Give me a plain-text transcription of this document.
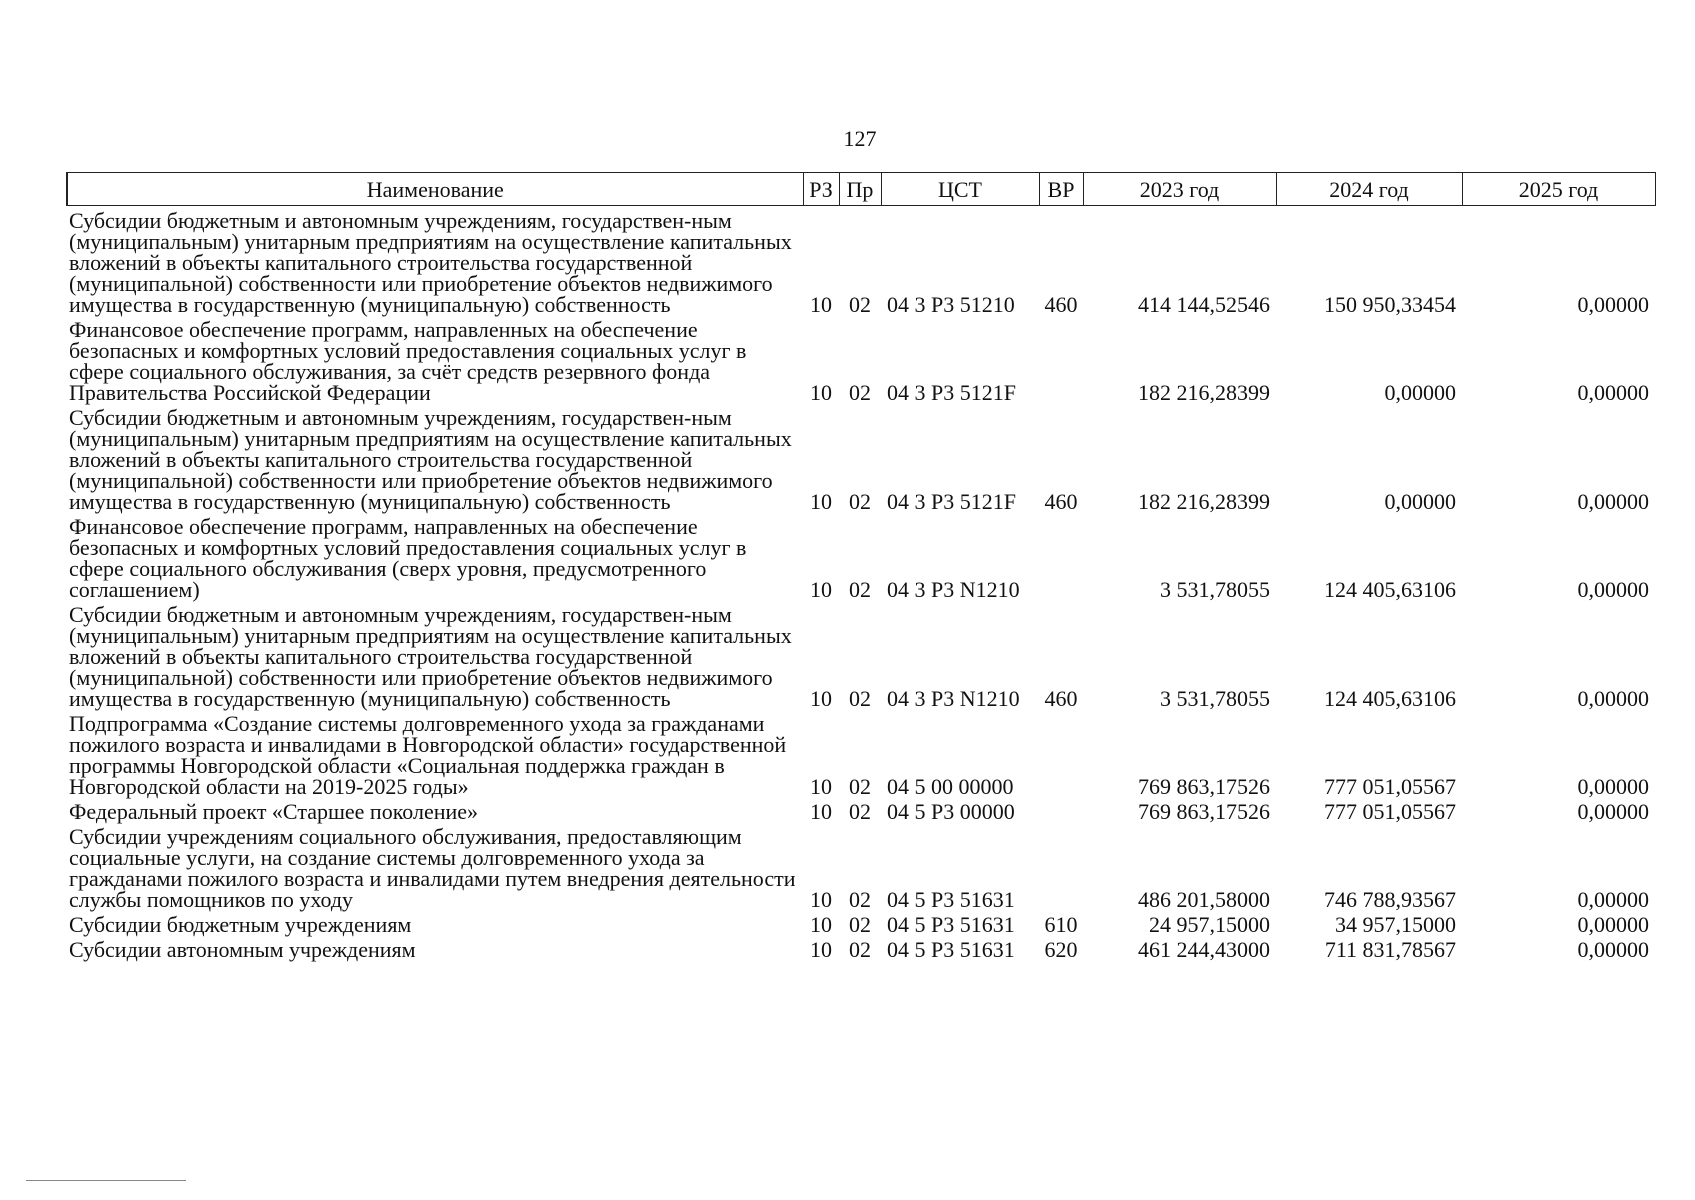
127
Наименование	РЗ	Пр	ЦСТ	ВР	2023 год	2024 год	2025 год
Субсидии бюджетным и автономным учреждениям, государствен-ным (муниципальным) унитарным предприятиям на осуществление капитальных вложений в объекты капитального строительства государственной (муниципальной) собственности или приобретение объектов недвижимого имущества в государственную (муниципальную) собственность	10	02	04 3 Р3 51210	460	414 144,52546	150 950,33454	0,00000
Финансовое обеспечение программ, направленных на обеспечение безопасных и комфортных условий предоставления социальных услуг в сфере социального обслуживания, за счёт средств резервного фонда Правительства Российской Федерации	10	02	04 3 Р3 5121F		182 216,28399	0,00000	0,00000
Субсидии бюджетным и автономным учреждениям, государствен-ным (муниципальным) унитарным предприятиям на осуществление капитальных вложений в объекты капитального строительства государственной (муниципальной) собственности или приобретение объектов недвижимого имущества в государственную (муниципальную) собственность	10	02	04 3 Р3 5121F	460	182 216,28399	0,00000	0,00000
Финансовое обеспечение программ, направленных на обеспечение безопасных и комфортных условий предоставления социальных услуг в сфере социального обслуживания (сверх уровня, предусмотренного соглашением)	10	02	04 3 Р3 N1210		3 531,78055	124 405,63106	0,00000
Субсидии бюджетным и автономным учреждениям, государствен-ным (муниципальным) унитарным предприятиям на осуществление капитальных вложений в объекты капитального строительства государственной (муниципальной) собственности или приобретение объектов недвижимого имущества в государственную (муниципальную) собственность	10	02	04 3 Р3 N1210	460	3 531,78055	124 405,63106	0,00000
Подпрограмма «Создание системы долговременного ухода за гражданами пожилого возраста и инвалидами в Новгородской области» государственной программы Новгородской области «Социальная поддержка граждан в Новгородской области на 2019-2025 годы»	10	02	04 5 00 00000		769 863,17526	777 051,05567	0,00000
Федеральный проект «Старшее поколение»	10	02	04 5 Р3 00000		769 863,17526	777 051,05567	0,00000
Субсидии учреждениям социального обслуживания, предоставляющим социальные услуги, на создание системы долговременного ухода за гражданами пожилого возраста и инвалидами путем внедрения деятельности службы помощников по уходу	10	02	04 5 Р3 51631		486 201,58000	746 788,93567	0,00000
Субсидии бюджетным учреждениям	10	02	04 5 Р3 51631	610	24 957,15000	34 957,15000	0,00000
Субсидии автономным учреждениям	10	02	04 5 Р3 51631	620	461 244,43000	711 831,78567	0,00000
